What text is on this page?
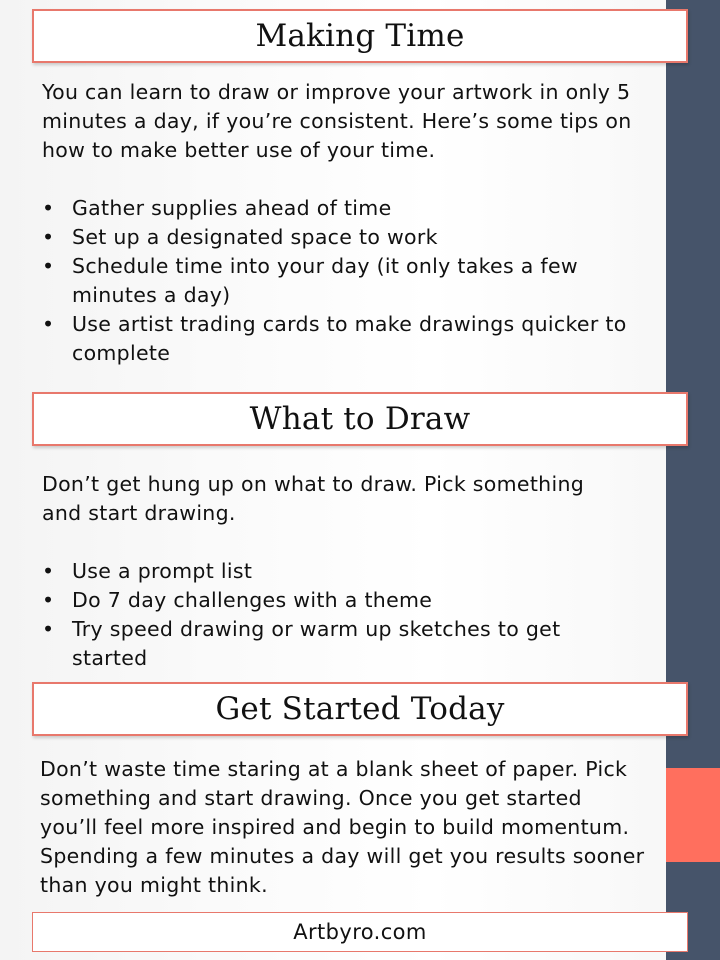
Making Time

You can learn to draw or improve your artwork in only 5 minutes a day, if you’re consistent. Here’s some tips on how to make better use of your time.

• Gather supplies ahead of time
• Set up a designated space to work
• Schedule time into your day (it only takes a few minutes a day)
• Use artist trading cards to make drawings quicker to complete
What to Draw

Don’t get hung up on what to draw. Pick something and start drawing.

• Use a prompt list
• Do 7 day challenges with a theme
• Try speed drawing or warm up sketches to get started
Get Started Today

Don’t waste time staring at a blank sheet of paper. Pick something and start drawing. Once you get started you’ll feel more inspired and begin to build momentum. Spending a few minutes a day will get you results sooner than you might think.

Artbyro.com
